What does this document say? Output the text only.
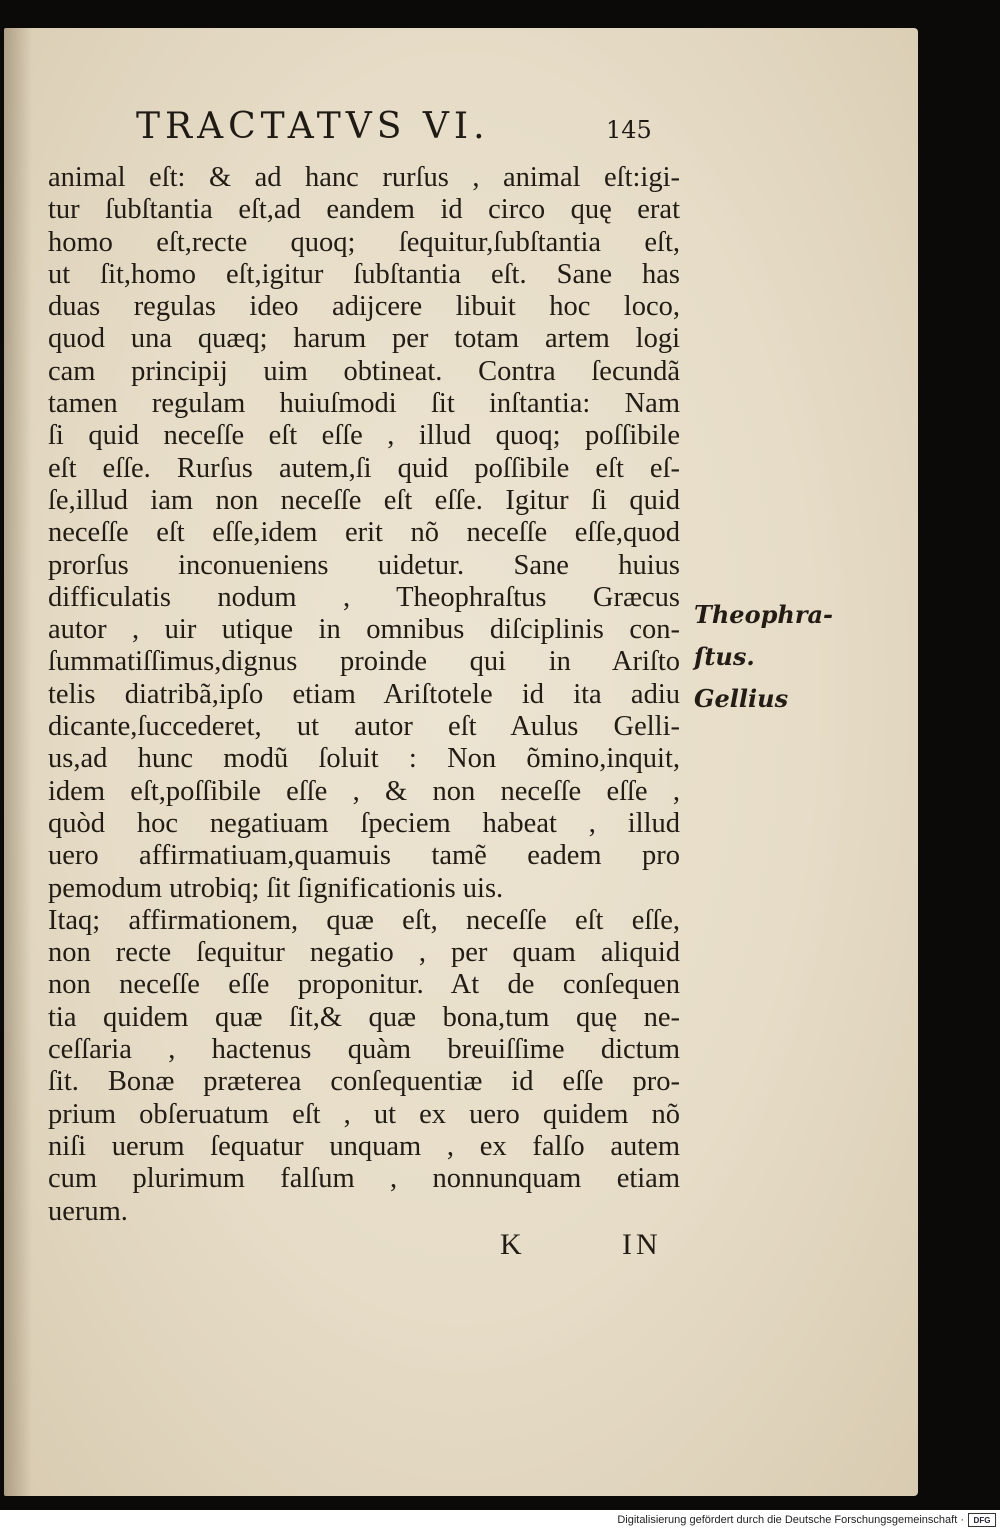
TRACTATVS VI.	145
animal eſt: & ad hanc rurſus , animal eſt:igi-
tur ſubſtantia eſt,ad eandem id circo quę erat
homo eſt,recte quoq; ſequitur,ſubſtantia eſt,
ut ſit,homo eſt,igitur ſubſtantia eſt. Sane has
duas regulas ideo adijcere libuit hoc loco,
quod una quæq; harum per totam artem logi
cam principij uim obtineat. Contra ſecundã
tamen regulam huiuſmodi ſit inſtantia: Nam
ſi quid neceſſe eſt eſſe , illud quoq; poſſibile
eſt eſſe. Rurſus autem,ſi quid poſſibile eſt eſ-
ſe,illud iam non neceſſe eſt eſſe. Igitur ſi quid
neceſſe eſt eſſe,idem erit nõ neceſſe eſſe,quod
prorſus inconueniens uidetur. Sane huius
difficulatis nodum , Theophraſtus Græcus
autor , uir utique in omnibus diſciplinis con-
ſummatiſſimus,dignus proinde qui in Ariſto
telis diatribã,ipſo etiam Ariſtotele id ita adiu
dicante,ſuccederet, ut autor eſt Aulus Gelli-
us,ad hunc modũ ſoluit : Non õmino,inquit,
idem eſt,poſſibile eſſe , & non neceſſe eſſe ,
quòd hoc negatiuam ſpeciem habeat , illud
uero affirmatiuam,quamuis tamẽ eadem pro
pemodum utrobiq; ſit ſignificationis uis.
Itaq; affirmationem, quæ eſt, neceſſe eſt eſſe,
non recte ſequitur negatio , per quam aliquid
non neceſſe eſſe proponitur. At de conſequen
tia quidem quæ ſit,& quæ bona,tum quę ne-
ceſſaria , hactenus quàm breuiſſime dictum
ſit. Bonæ præterea conſequentiæ id eſſe pro-
prium obſeruatum eſt , ut ex uero quidem nõ
niſi uerum ſequatur unquam , ex falſo autem
cum plurimum falſum , nonnunquam etiam
uerum.
Theophra-
ſtus.
Gellius
K	IN
Digitalisierung gefördert durch die Deutsche Forschungsgemeinschaft ·	DFG
